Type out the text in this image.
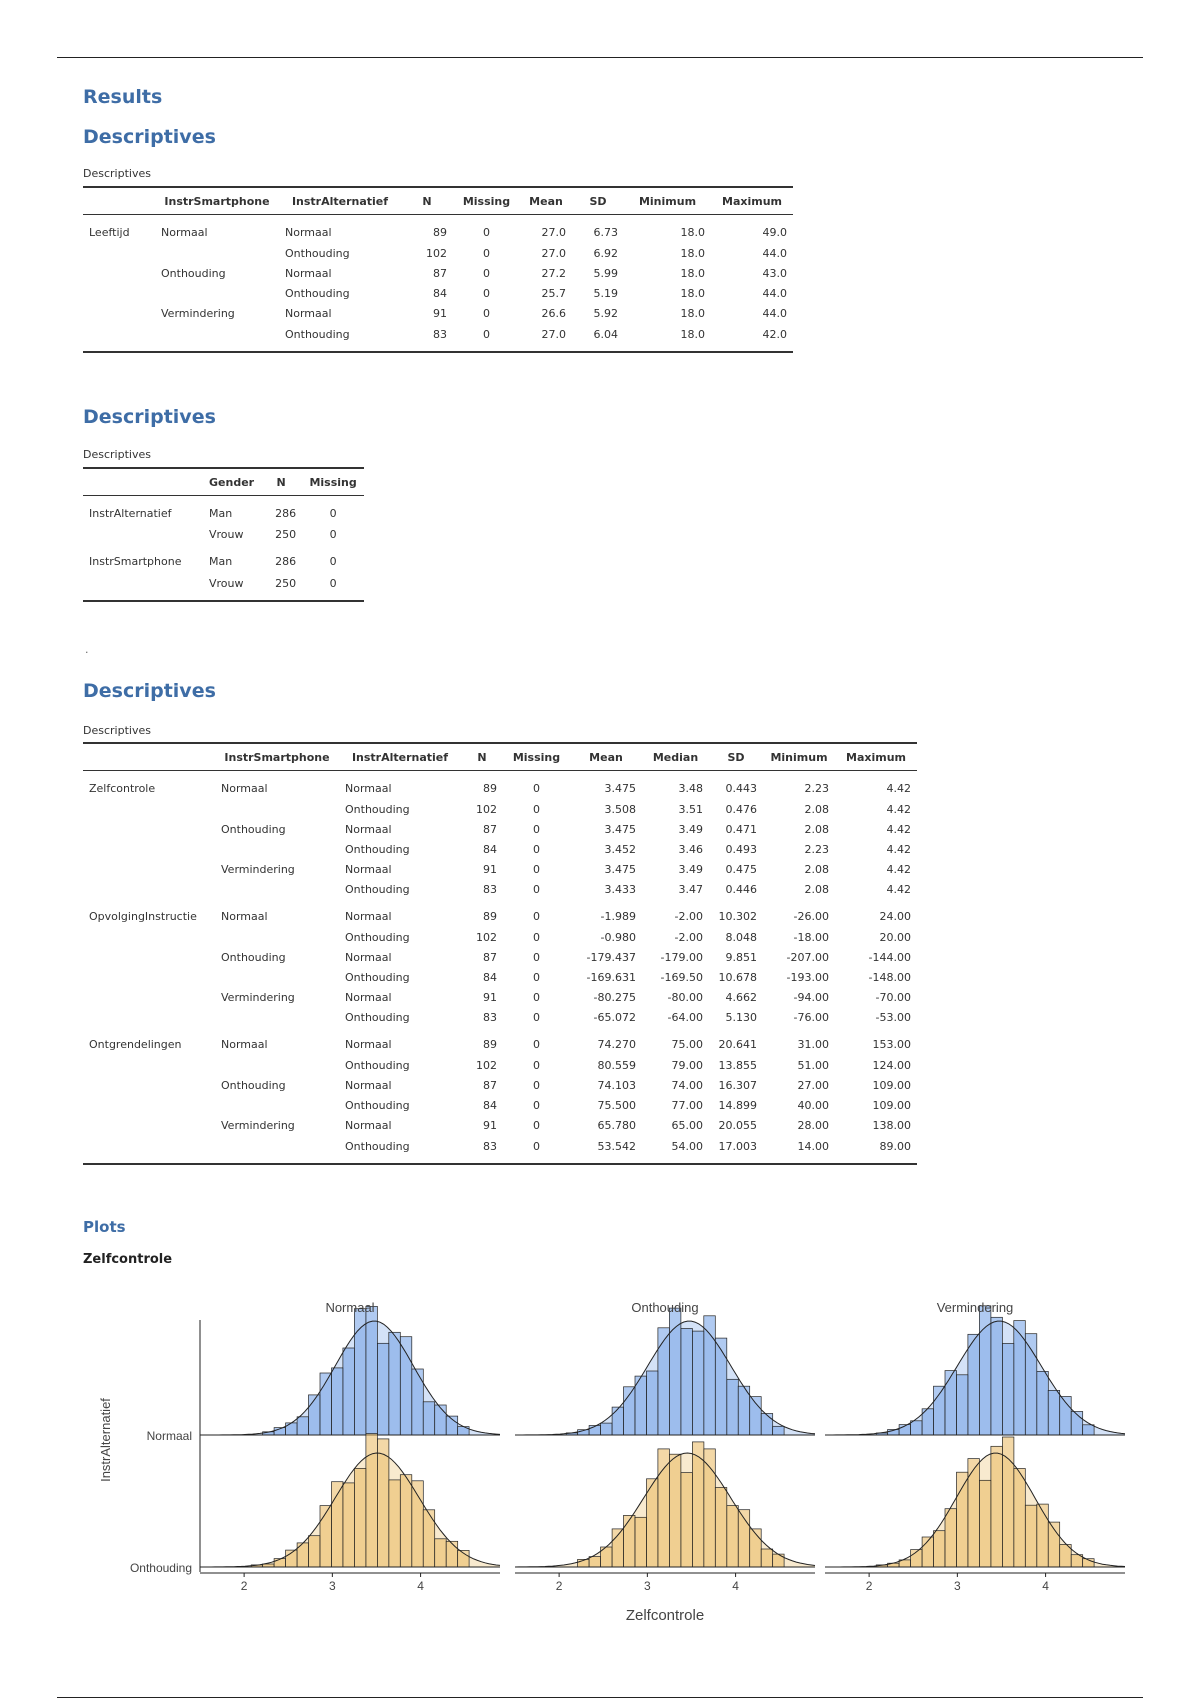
Results
Descriptives
Descriptives
	InstrSmartphone	InstrAlternatief	N	Missing	Mean	SD	Minimum	Maximum
Leeftijd	Normaal	Normaal	89	0	27.0	6.73	18.0	49.0
		Onthouding	102	0	27.0	6.92	18.0	44.0
	Onthouding	Normaal	87	0	27.2	5.99	18.0	43.0
		Onthouding	84	0	25.7	5.19	18.0	44.0
	Vermindering	Normaal	91	0	26.6	5.92	18.0	44.0
		Onthouding	83	0	27.0	6.04	18.0	42.0
Descriptives
Descriptives
	Gender	N	Missing
InstrAlternatief	Man	286	0
	Vrouw	250	0
InstrSmartphone	Man	286	0
	Vrouw	250	0
·
Descriptives
Descriptives
	InstrSmartphone	InstrAlternatief	N	Missing	Mean	Median	SD	Minimum	Maximum
Zelfcontrole	Normaal	Normaal	89	0	3.475	3.48	0.443	2.23	4.42
		Onthouding	102	0	3.508	3.51	0.476	2.08	4.42
	Onthouding	Normaal	87	0	3.475	3.49	0.471	2.08	4.42
		Onthouding	84	0	3.452	3.46	0.493	2.23	4.42
	Vermindering	Normaal	91	0	3.475	3.49	0.475	2.08	4.42
		Onthouding	83	0	3.433	3.47	0.446	2.08	4.42
OpvolgingInstructie	Normaal	Normaal	89	0	-1.989	-2.00	10.302	-26.00	24.00
		Onthouding	102	0	-0.980	-2.00	8.048	-18.00	20.00
	Onthouding	Normaal	87	0	-179.437	-179.00	9.851	-207.00	-144.00
		Onthouding	84	0	-169.631	-169.50	10.678	-193.00	-148.00
	Vermindering	Normaal	91	0	-80.275	-80.00	4.662	-94.00	-70.00
		Onthouding	83	0	-65.072	-64.00	5.130	-76.00	-53.00
Ontgrendelingen	Normaal	Normaal	89	0	74.270	75.00	20.641	31.00	153.00
		Onthouding	102	0	80.559	79.00	13.855	51.00	124.00
	Onthouding	Normaal	87	0	74.103	74.00	16.307	27.00	109.00
		Onthouding	84	0	75.500	77.00	14.899	40.00	109.00
	Vermindering	Normaal	91	0	65.780	65.00	20.055	28.00	138.00
		Onthouding	83	0	53.542	54.00	17.003	14.00	89.00
Plots
Zelfcontrole
Normaal	Onthouding	Vermindering
Normaal
Onthouding
InstrAlternatief
2	3	4	2	3	4	2	3	4
Zelfcontrole
